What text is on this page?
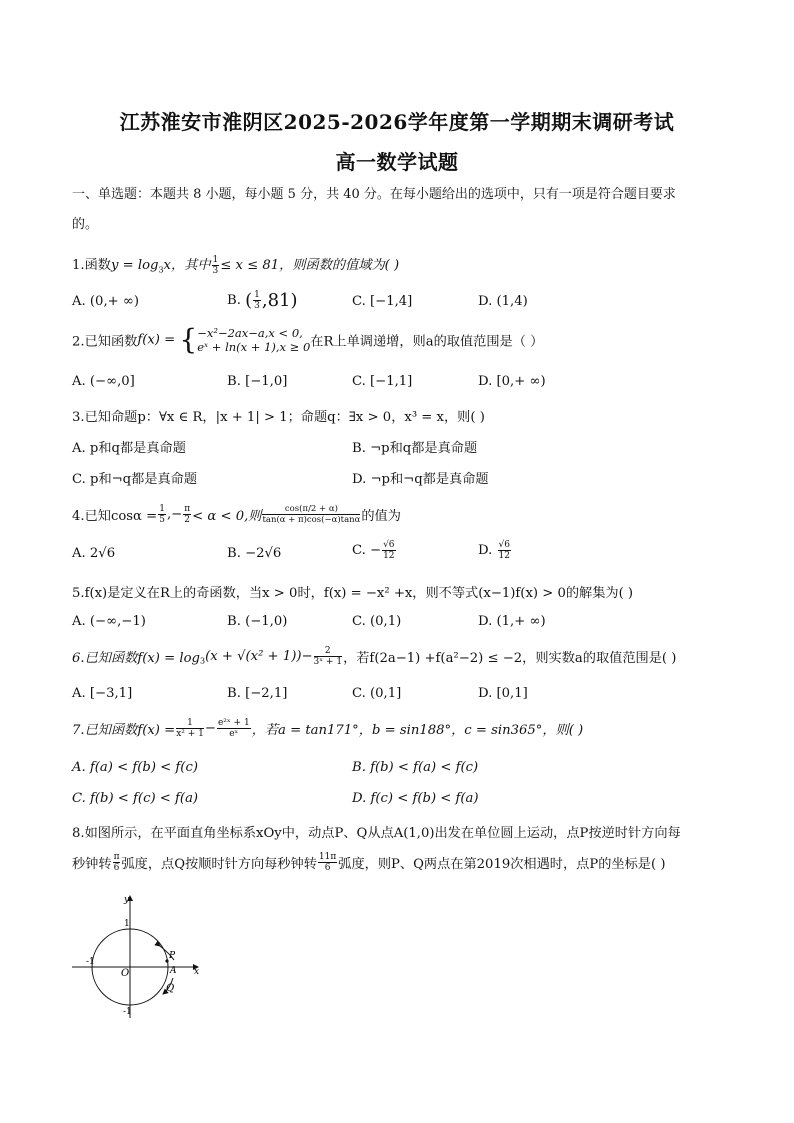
江苏淮安市淮阴区2025-2026学年度第一学期期末调研考试
高一数学试题
一、单选题：本题共 8 小题，每小题 5 分，共 40 分。在每小题给出的选项中，只有一项是符合题目要求
的。
1.函数$y = \log_3x$，其中 $\frac{1}{3} \le x \le 81$，则函数的值域为( )
A. (0,+ ∞)	B. ( $\frac{1}{3} ,81$)	C. [−1,4]	D. (1,4)
2.已知函数f(x) = { −x²−2ax−a,x < 0,
eˣ + ln(x + 1),x ≥ 0 在R上单调递增，则a的取值范围是（ ）
A. (−∞,0]	B. [−1,0]	C. [−1,1]	D. [0,+ ∞)
3.已知命题p：∀x ∈ R，|x + 1| > 1；命题q：∃x > 0，x³ = x，则( )
A. p和q都是真命题	B. ¬p和q都是真命题
C. p和¬q都是真命题	D. ¬p和¬q都是真命题
4.已知$\cos\alpha = \frac{1}{5}$ ,− $\frac{\pi}{2} < \alpha < 0$,则 $\frac{\cos(\pi/2 + \alpha)}{\tan(\alpha + \pi)\cos(-\alpha)\tan\alpha}$ 的值为
A. 2√6	B. −2√6	C. − $\frac{√6}{12}$	D. $\frac{√6}{12}$
5.f(x)是定义在R上的奇函数，当x > 0时，f(x) = −x² +x，则不等式(x−1)f(x) > 0的解集为( )
A. (−∞,−1)	B. (−1,0)	C. (0,1)	D. (1,+ ∞)
6.已知函数$f(x) = \log_3(x + √(x^2 + 1))- \frac{2}{\text{3ˣ + 1}}$ ，若f(2a−1) +f(a²−2) ≤ −2，则实数a的取值范围是( )
A. [−3,1]	B. [−2,1]	C. (0,1]	D. [0,1]
7.已知函数$f(x) = \frac{1}{\text{x² + 1}} - \frac{\text{e²ˣ + 1}}{\text{eˣ}}$ ，若a = tan171°，b = sin188°，c = sin365°，则( )
A. f(a) < f(b) < f(c)	B. f(b) < f(a) < f(c)
C. f(b) < f(c) < f(a)	D. f(c) < f(b) < f(a)
8.如图所示，在平面直角坐标系xOy中，动点P、Q从点A(1,0)出发在单位圆上运动，点P按逆时针方向每
秒钟转 $\frac{\pi}{6}$ 弧度，点Q按顺时针方向每秒钟转 $\frac{11\pi}{6}$ 弧度，则P、Q两点在第2019次相遇时，点P的坐标是( )
y
x
1
-1
-1
O
P
A
Q
